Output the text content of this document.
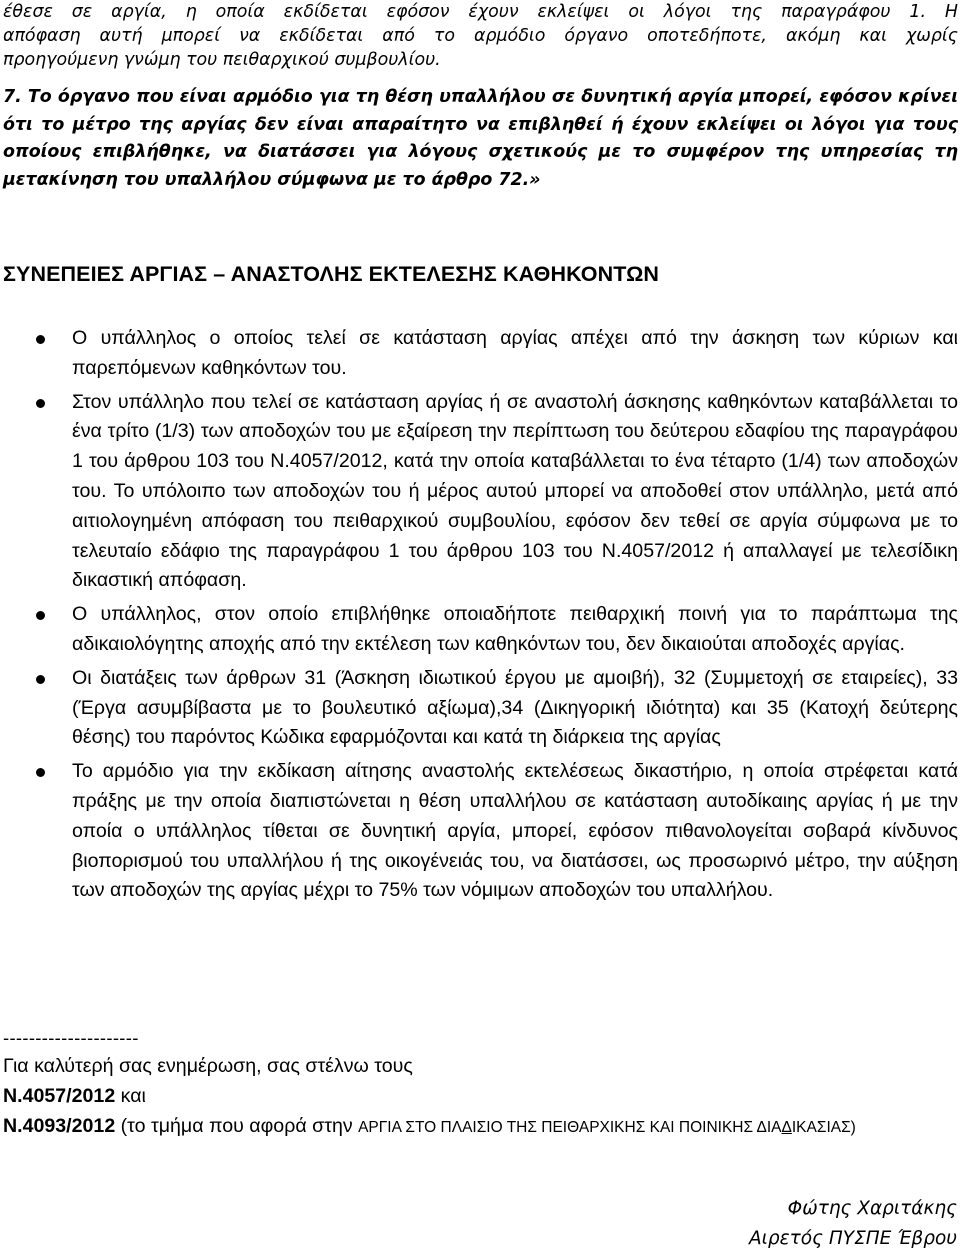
έθεσε σε αργία, η οποία εκδίδεται εφόσον έχουν εκλείψει οι λόγοι της παραγράφου 1. Η
απόφαση αυτή μπορεί να εκδίδεται από το αρμόδιο όργανο οποτεδήποτε, ακόμη και χωρίς
προηγούμενη γνώμη του πειθαρχικού συμβουλίου.

7. Το όργανο που είναι αρμόδιο για τη θέση υπαλλήλου σε δυνητική αργία μπορεί, εφόσον κρίνει ότι το μέτρο της αργίας δεν είναι απαραίτητο να επιβληθεί ή έχουν εκλείψει οι λόγοι για τους οποίους επιβλήθηκε, να διατάσσει για λόγους σχετικούς με το συμφέρον της υπηρεσίας τη μετακίνηση του υπαλλήλου σύμφωνα με το άρθρο 72.»

ΣΥΝΕΠΕΙΕΣ ΑΡΓΙΑΣ – ΑΝΑΣΤΟΛΗΣ ΕΚΤΕΛΕΣΗΣ ΚΑΘΗΚΟΝΤΩΝ
Ο υπάλληλος ο οποίος τελεί σε κατάσταση αργίας απέχει από την άσκηση των κύριων και παρεπόμενων καθηκόντων του.
Στον υπάλληλο που τελεί σε κατάσταση αργίας ή σε αναστολή άσκησης καθηκόντων καταβάλλεται το ένα τρίτο (1/3) των αποδοχών του με εξαίρεση την περίπτωση του δεύτερου εδαφίου της παραγράφου 1 του άρθρου 103 του Ν.4057/2012, κατά την οποία καταβάλλεται το ένα τέταρτο (1/4) των αποδοχών του. Το υπόλοιπο των αποδοχών του ή μέρος αυτού μπορεί να αποδοθεί στον υπάλληλο, μετά από αιτιολογημένη απόφαση του πειθαρχικού συμβουλίου, εφόσον δεν τεθεί σε αργία σύμφωνα με το τελευταίο εδάφιο της παραγράφου 1 του άρθρου 103 του Ν.4057/2012 ή απαλλαγεί με τελεσίδικη δικαστική απόφαση.
Ο υπάλληλος, στον οποίο επιβλήθηκε οποιαδήποτε πειθαρχική ποινή για το παράπτωμα της αδικαιολόγητης αποχής από την εκτέλεση των καθηκόντων του, δεν δικαιούται αποδοχές αργίας.
Οι διατάξεις των άρθρων 31 (Άσκηση ιδιωτικού έργου με αμοιβή), 32 (Συμμετοχή σε εταιρείες), 33 (Έργα ασυμβίβαστα με το βουλευτικό αξίωμα),34 (Δικηγορική ιδιότητα) και 35 (Κατοχή δεύτερης θέσης) του παρόντος Κώδικα εφαρμόζονται και κατά τη διάρκεια της αργίας
Το αρμόδιο για την εκδίκαση αίτησης αναστολής εκτελέσεως δικαστήριο, η οποία στρέφεται κατά πράξης με την οποία διαπιστώνεται η θέση υπαλλήλου σε κατάσταση αυτοδίκαιης αργίας ή με την οποία ο υπάλληλος τίθεται σε δυνητική αργία, μπορεί, εφόσον πιθανολογείται σοβαρά κίνδυνος βιοπορισμού του υπαλλήλου ή της οικογένειάς του, να διατάσσει, ως προσωρινό μέτρο, την αύξηση των αποδοχών της αργίας μέχρι το 75% των νόμιμων αποδοχών του υπαλλήλου.
---------------------
Για καλύτερή σας ενημέρωση, σας στέλνω τους
Ν.4057/2012 και
Ν.4093/2012 (το τμήμα που αφορά στην ΑΡΓΙΑ ΣΤΟ ΠΛΑΙΣΙΟ ΤΗΣ ΠΕΙΘΑΡΧΙΚΗΣ ΚΑΙ ΠΟΙΝΙΚΗΣ ΔΙΑΔΙΚΑΣΙΑΣ)
Φώτης Χαριτάκης
Αιρετός ΠΥΣΠΕ Έβρου
